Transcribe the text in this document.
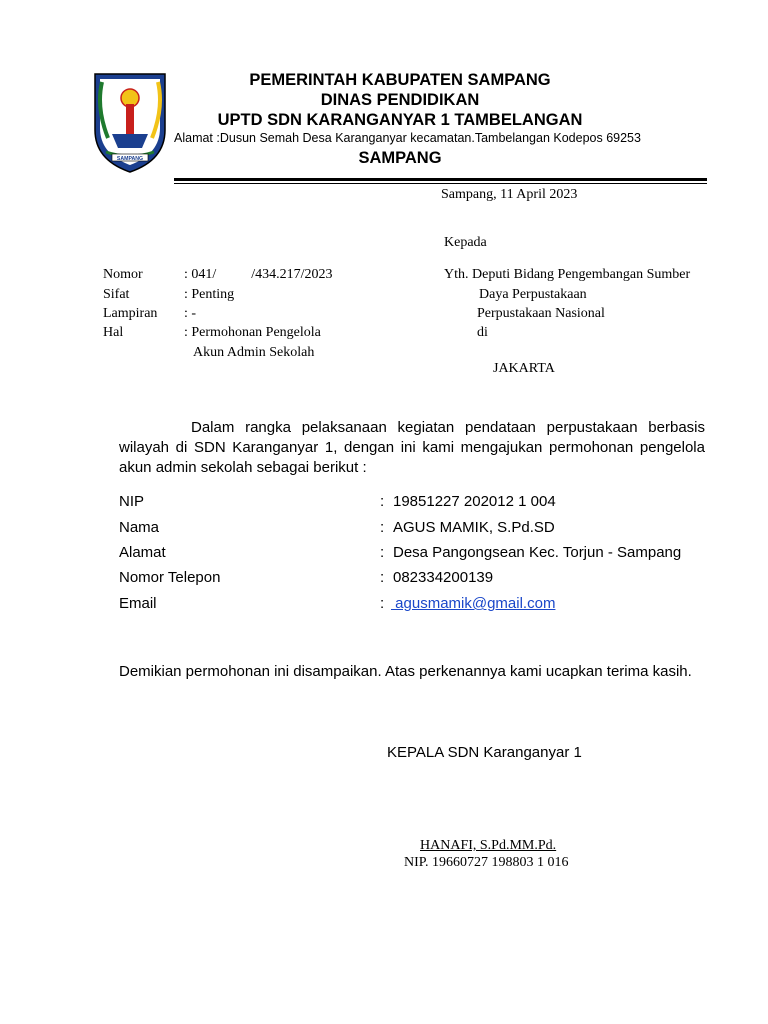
SAMPANG
PEMERINTAH KABUPATEN SAMPANG
DINAS PENDIDIKAN
UPTD SDN KARANGANYAR 1 TAMBELANGAN
Alamat :Dusun Semah Desa Karanganyar kecamatan.Tambelangan Kodepos 69253
SAMPANG
Sampang, 11 April 2023
Kepada
Yth. Deputi Bidang Pengembangan Sumber
Daya Perpustakaan
Perpustakaan Nasional
di
JAKARTA
Nomor	: 041/          /434.217/2023
Sifat	: Penting
Lampiran : -
Hal	: Permohonan Pengelola
Akun Admin Sekolah
Dalam rangka pelaksanaan kegiatan pendataan perpustakaan berbasis wilayah di SDN Karanganyar 1, dengan ini kami mengajukan permohonan pengelola akun admin sekolah sebagai berikut :
NIP	: 19851227 202012 1 004
Nama	: AGUS MAMIK, S.Pd.SD
Alamat	: Desa Pangongsean Kec. Torjun - Sampang
Nomor Telepon	: 082334200139
Email	: agusmamik@gmail.com
Demikian permohonan ini disampaikan. Atas perkenannya kami ucapkan terima kasih.
KEPALA SDN Karanganyar 1
HANAFI, S.Pd.MM.Pd.
NIP. 19660727 198803 1 016
